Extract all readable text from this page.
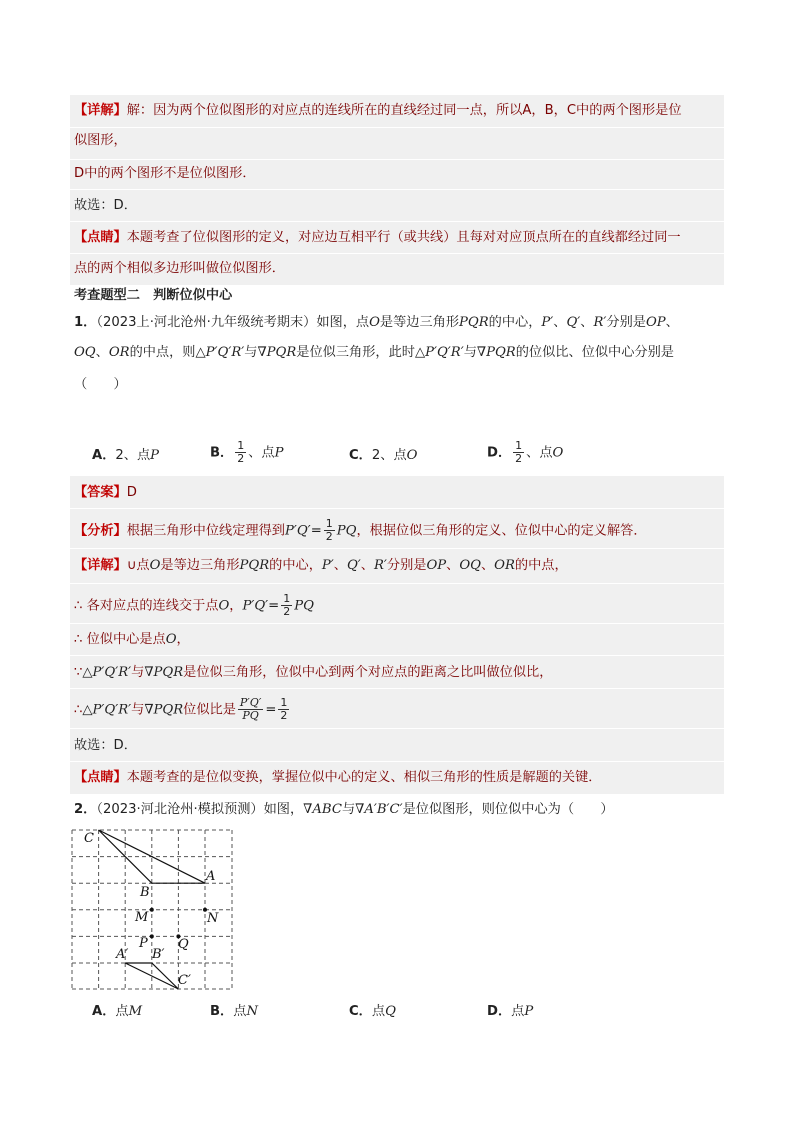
【详解】解：因为两个位似图形的对应点的连线所在的直线经过同一点，所以A，B，C中的两个图形是位
似图形，
D中的两个图形不是位似图形．
故选：D．
【点睛】本题考查了位似图形的定义，对应边互相平行（或共线）且每对对应顶点所在的直线都经过同一
点的两个相似多边形叫做位似图形．
考查题型二　判断位似中心
1．（2023上·河北沧州·九年级统考期末）如图，点O是等边三角形PQR的中心，P′、Q′、R′分别是OP、
OQ、OR的中点，则△P′Q′R′与∇PQR是位似三角形，此时△P′Q′R′与∇PQR的位似比、位似中心分别是
（　　）
A．2、点P	B． $\frac{1}{2}$ 、点P	C．2、点O	D． $\frac{1}{2}$ 、点O
【答案】D
【分析】根据三角形中位线定理得到$P'Q'= \frac{1}{2}$ PQ，根据位似三角形的定义、位似中心的定义解答．
【详解】∪点O是等边三角形PQR的中心，P′、Q′、R′分别是OP、OQ、OR的中点，
∴ 各对应点的连线交于点O，$P'Q'= \frac{1}{2}$ PQ
∴ 位似中心是点O，
∵△P′Q′R′与∇PQR是位似三角形，位似中心到两个对应点的距离之比叫做位似比，
∴△P′Q′R′与∇PQR位似比是 $\frac{P'Q'}{PQ} = \frac{1}{2}$
故选：D．
【点睛】本题考查的是位似变换，掌握位似中心的定义、相似三角形的性质是解题的关键．
2．（2023·河北沧州·模拟预测）如图，∇ABC与∇A′B′C′是位似图形，则位似中心为（　　）
C
A
B
M	N
P Q
A′ B′
C′
A．点M	B．点N	C．点Q	D．点P
